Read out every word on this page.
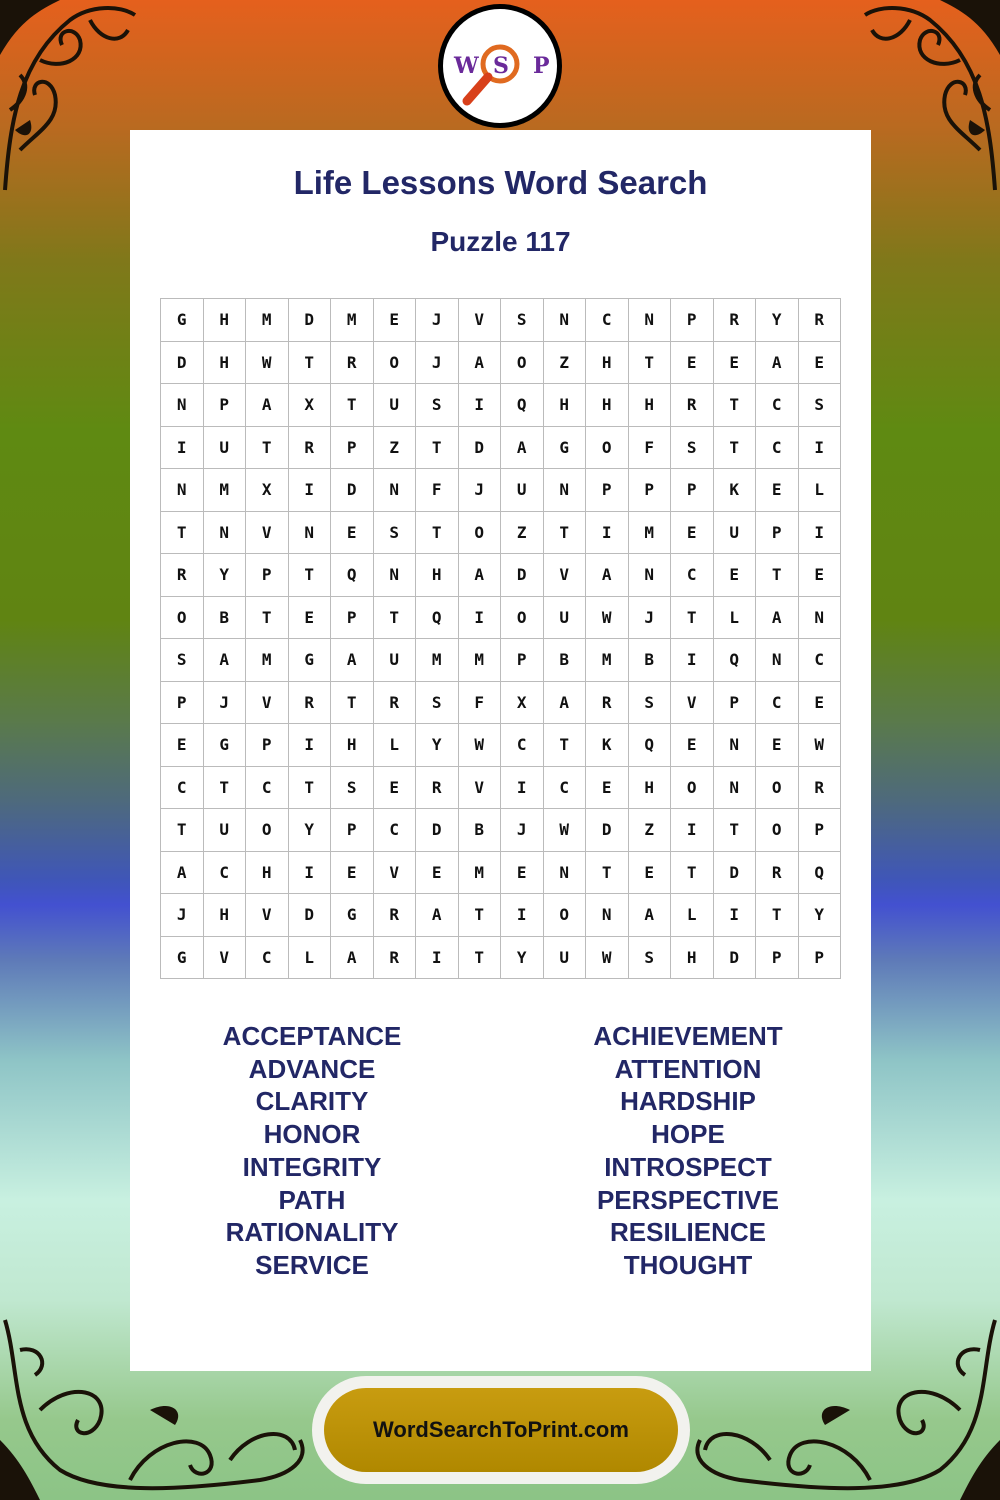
W S P
Life Lessons Word Search
Puzzle 117
G	H	M	D	M	E	J	V	S	N	C	N	P	R	Y	R
D	H	W	T	R	O	J	A	O	Z	H	T	E	E	A	E
N	P	A	X	T	U	S	I	Q	H	H	H	R	T	C	S
I	U	T	R	P	Z	T	D	A	G	O	F	S	T	C	I
N	M	X	I	D	N	F	J	U	N	P	P	P	K	E	L
T	N	V	N	E	S	T	O	Z	T	I	M	E	U	P	I
R	Y	P	T	Q	N	H	A	D	V	A	N	C	E	T	E
O	B	T	E	P	T	Q	I	O	U	W	J	T	L	A	N
S	A	M	G	A	U	M	M	P	B	M	B	I	Q	N	C
P	J	V	R	T	R	S	F	X	A	R	S	V	P	C	E
E	G	P	I	H	L	Y	W	C	T	K	Q	E	N	E	W
C	T	C	T	S	E	R	V	I	C	E	H	O	N	O	R
T	U	O	Y	P	C	D	B	J	W	D	Z	I	T	O	P
A	C	H	I	E	V	E	M	E	N	T	E	T	D	R	Q
J	H	V	D	G	R	A	T	I	O	N	A	L	I	T	Y
G	V	C	L	A	R	I	T	Y	U	W	S	H	D	P	P
ACCEPTANCE
ADVANCE
CLARITY
HONOR
INTEGRITY
PATH
RATIONALITY
SERVICE
ACHIEVEMENT
ATTENTION
HARDSHIP
HOPE
INTROSPECT
PERSPECTIVE
RESILIENCE
THOUGHT
WordSearchToPrint.com
